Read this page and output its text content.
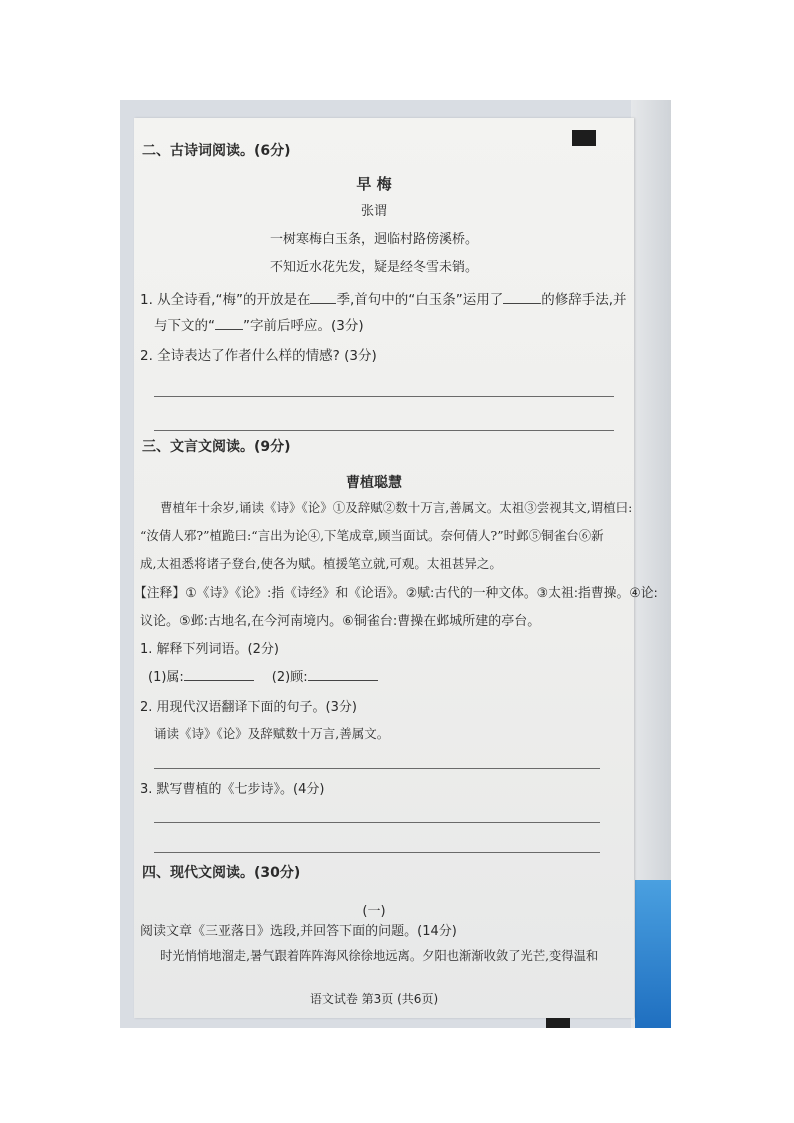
二、古诗词阅读。(6分)
早 梅
张谓
一树寒梅白玉条，迥临村路傍溪桥。
不知近水花先发，疑是经冬雪未销。
1. 从全诗看,“梅”的开放是在 季,首句中的“白玉条”运用了	的修辞手法,并
与下文的“ ”字前后呼应。(3分)
2. 全诗表达了作者什么样的情感? (3分)
三、文言文阅读。(9分)
曹植聪慧
曹植年十余岁,诵读《诗》《论》①及辞赋②数十万言,善属文。太祖③尝视其文,谓植曰:
“汝倩人邪?”植跪曰:“言出为论④,下笔成章,顾当面试。奈何倩人?”时邺⑤铜雀台⑥新
成,太祖悉将诸子登台,使各为赋。植援笔立就,可观。太祖甚异之。
【注释】①《诗》《论》:指《诗经》和《论语》。②赋:古代的一种文体。③太祖:指曹操。④论:
议论。⑤邺:古地名,在今河南境内。⑥铜雀台:曹操在邺城所建的亭台。
1. 解释下列词语。(2分)
(1)属:	(2)顾:
2. 用现代汉语翻译下面的句子。(3分)
诵读《诗》《论》及辞赋数十万言,善属文。
3. 默写曹植的《七步诗》。(4分)
四、现代文阅读。(30分)
(一)
阅读文章《三亚落日》选段,并回答下面的问题。(14分)
时光悄悄地溜走,暑气跟着阵阵海风徐徐地远离。夕阳也渐渐收敛了光芒,变得温和
语文试卷 第3页 (共6页)
